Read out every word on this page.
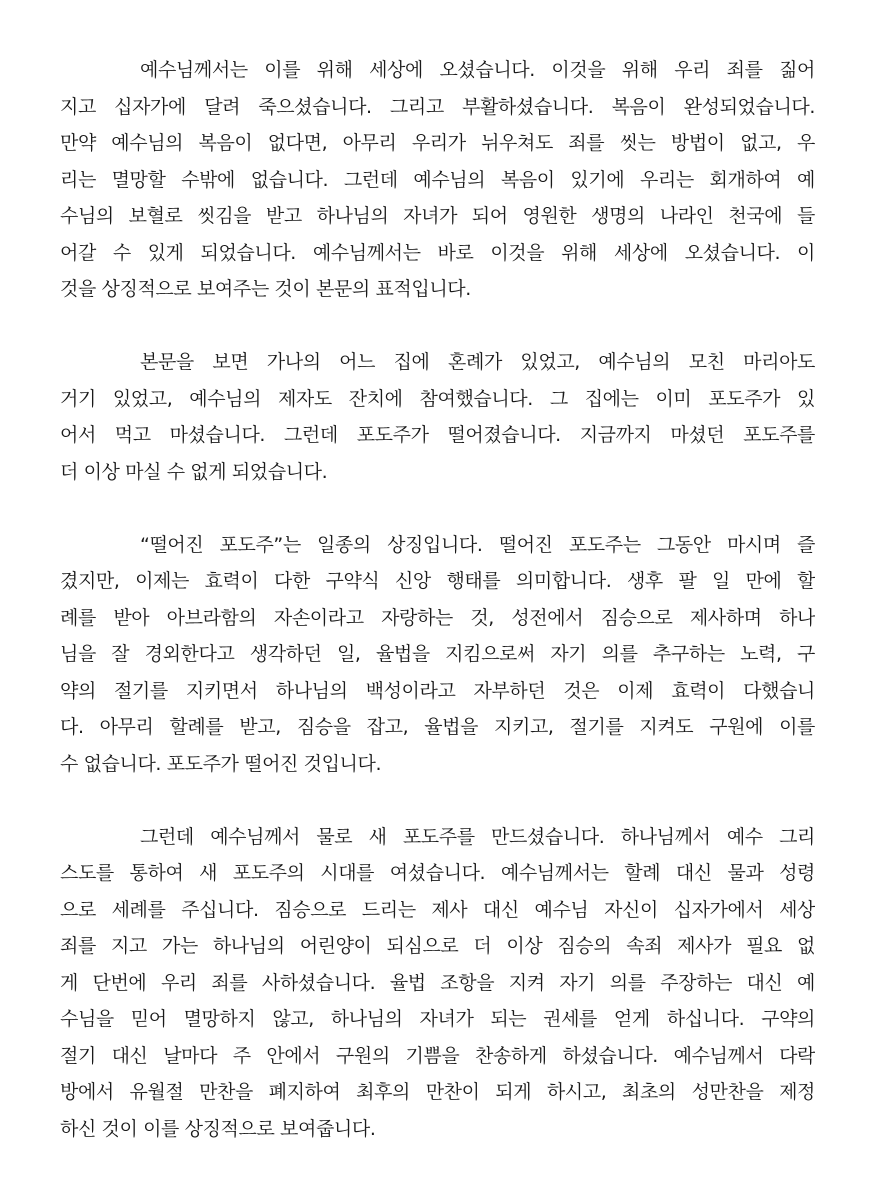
예수님께서는 이를 위해 세상에 오셨습니다. 이것을 위해 우리 죄를 짊어
지고 십자가에 달려 죽으셨습니다. 그리고 부활하셨습니다. 복음이 완성되었습니다.
만약 예수님의 복음이 없다면, 아무리 우리가 뉘우쳐도 죄를 씻는 방법이 없고, 우
리는 멸망할 수밖에 없습니다. 그런데 예수님의 복음이 있기에 우리는 회개하여 예
수님의 보혈로 씻김을 받고 하나님의 자녀가 되어 영원한 생명의 나라인 천국에 들
어갈 수 있게 되었습니다. 예수님께서는 바로 이것을 위해 세상에 오셨습니다. 이
것을 상징적으로 보여주는 것이 본문의 표적입니다.
본문을 보면 가나의 어느 집에 혼례가 있었고, 예수님의 모친 마리아도
거기 있었고, 예수님의 제자도 잔치에 참여했습니다. 그 집에는 이미 포도주가 있
어서 먹고 마셨습니다. 그런데 포도주가 떨어졌습니다. 지금까지 마셨던 포도주를
더 이상 마실 수 없게 되었습니다.
“떨어진 포도주”는 일종의 상징입니다. 떨어진 포도주는 그동안 마시며 즐
겼지만, 이제는 효력이 다한 구약식 신앙 행태를 의미합니다. 생후 팔 일 만에 할
례를 받아 아브라함의 자손이라고 자랑하는 것, 성전에서 짐승으로 제사하며 하나
님을 잘 경외한다고 생각하던 일, 율법을 지킴으로써 자기 의를 추구하는 노력, 구
약의 절기를 지키면서 하나님의 백성이라고 자부하던 것은 이제 효력이 다했습니
다. 아무리 할례를 받고, 짐승을 잡고, 율법을 지키고, 절기를 지켜도 구원에 이를
수 없습니다. 포도주가 떨어진 것입니다.
그런데 예수님께서 물로 새 포도주를 만드셨습니다. 하나님께서 예수 그리
스도를 통하여 새 포도주의 시대를 여셨습니다. 예수님께서는 할례 대신 물과 성령
으로 세례를 주십니다. 짐승으로 드리는 제사 대신 예수님 자신이 십자가에서 세상
죄를 지고 가는 하나님의 어린양이 되심으로 더 이상 짐승의 속죄 제사가 필요 없
게 단번에 우리 죄를 사하셨습니다. 율법 조항을 지켜 자기 의를 주장하는 대신 예
수님을 믿어 멸망하지 않고, 하나님의 자녀가 되는 권세를 얻게 하십니다. 구약의
절기 대신 날마다 주 안에서 구원의 기쁨을 찬송하게 하셨습니다. 예수님께서 다락
방에서 유월절 만찬을 폐지하여 최후의 만찬이 되게 하시고, 최초의 성만찬을 제정
하신 것이 이를 상징적으로 보여줍니다.
